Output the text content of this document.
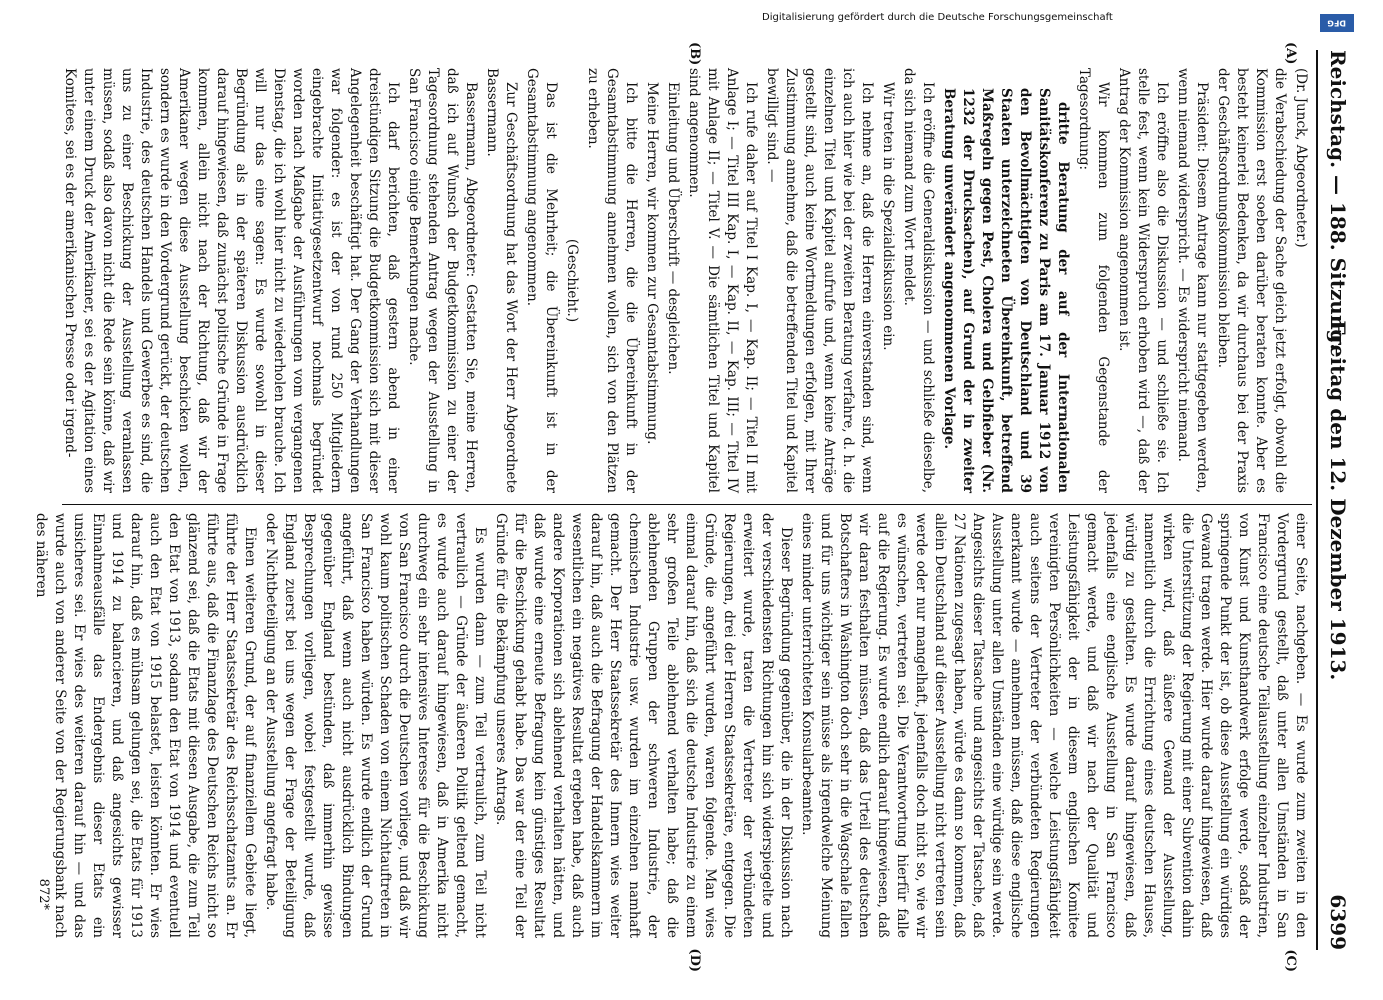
DFG
Digitalisierung gefördert durch die Deutsche Forschungsgemeinschaft
Reichstag. — 188. Sitzung.
Freitag den 12. Dezember 1913.  6399
(A)
(B)
(C)
(D)

(Dr. Junck, Abgeordneter.)

die Verabschiedung der Sache gleich jetzt erfolgt, obwohl die Kommission erst soeben darüber beraten konnte. Aber es besteht keinerlei Bedenken, da wir durchaus bei der Praxis der Geschäftsordnungskommission bleiben.

Präsident: Diesem Antrage kann nur stattgegeben werden, wenn niemand widerspricht. — Es widerspricht niemand.

Ich eröffne also die Diskussion — und schließe sie. Ich stelle fest, wenn kein Widerspruch erhoben wird —, daß der Antrag der Kommission angenommen ist.

Wir kommen zum folgenden Gegenstande der Tagesordnung:

dritte Beratung der auf der Internationalen Sanitätskonferenz zu Paris am 17. Januar 1912 von den Bevollmächtigten von Deutschland und 39 Staaten unterzeichneten Übereinkunft, betreffend Maßregeln gegen Pest, Cholera und Gelbfieber (Nr. 1232 der Drucksachen), auf Grund der in zweiter Beratung unverändert angenommenen Vorlage.

Ich eröffne die Generaldiskussion — und schließe dieselbe, da sich niemand zum Wort meldet.

Wir treten in die Spezialdiskussion ein.

Ich nehme an, daß die Herren einverstanden sind, wenn ich auch hier wie bei der zweiten Beratung verfahre, d. h. die einzelnen Titel und Kapitel aufrufe und, wenn keine Anträge gestellt sind, auch keine Wortmeldungen erfolgen, mit Ihrer Zustimmung annehme, daß die betreffenden Titel und Kapitel bewilligt sind. —

Ich rufe daher auf Titel I Kap. I, — Kap. II; — Titel II mit Anlage I; — Titel III Kap. I, — Kap. II, — Kap. III; — Titel IV mit Anlage II; — Titel V. — Die sämtlichen Titel und Kapitel sind angenommen.

Einleitung und Überschrift — desgleichen.

Meine Herren, wir kommen zur Gesamtabstimmung.

Ich bitte die Herren, die die Übereinkunft in der Gesamtabstimmung annehmen wollen, sich von den Plätzen zu erheben.

(Geschieht.)

Das ist die Mehrheit; die Übereinkunft ist in der Gesamtabstimmung angenommen.

Zur Geschäftsordnung hat das Wort der Herr Abgeordnete Bassermann.

Bassermann, Abgeordneter: Gestatten Sie, meine Herren, daß ich auf Wunsch der Budgetkommission zu einer der Tagesordnung stehenden Antrag wegen der Ausstellung in San Francisco einige Bemerkungen mache.

Ich darf berichten, daß gestern abend in einer dreistündigen Sitzung die Budgetkommission sich mit dieser Angelegenheit beschäftigt hat. Der Gang der Verhandlungen war folgender: es ist der von rund 250 Mitgliedern eingebrachte Initiativgesetzentwurf nochmals begründet worden nach Maßgabe der Ausführungen vom vergangenen Dienstag, die ich wohl hier nicht zu wiederholen brauche. Ich will nur das eine sagen: Es wurde sowohl in dieser Begründung als in der späteren Diskussion ausdrücklich darauf hingewiesen, daß zunächst politische Gründe in Frage kommen, allein nicht nach der Richtung, daß wir der Amerikaner wegen diese Ausstellung beschicken wollen, sondern es wurde in den Vordergrund gerückt, der deutschen Industrie, des deutschen Handels und Gewerbes es sind, die uns zu einer Beschickung der Ausstellung veranlassen müssen, sodaß also davon nicht die Rede sein könne, daß wir unter einem Druck der Amerikaner, sei es der Agitation eines Komitees, sei es der amerikanischen Presse oder irgend-

einer Seite, nachgeben. — Es wurde zum zweiten in den Vordergrund gestellt, daß unter allen Umständen in San Francisco eine deutsche Teilausstellung einzelner Industrien, von Kunst und Kunsthandwerk erfolge werde, sodaß der springende Punkt der ist, ob diese Ausstellung ein würdiges Gewand tragen werde. Hier wurde darauf hingewiesen, daß die Unterstützung der Regierung mit einer Subvention dahin wirken wird, daß äußere Gewand der Ausstellung, namentlich durch die Errichtung eines deutschen Hauses, würdig zu gestalten. Es wurde darauf hingewiesen, daß jedenfalls eine englische Ausstellung in San Francisco gemacht werde, und daß wir nach der Qualität und Leistungsfähigkeit der in diesem englischen Komitee vereinigten Persönlichkeiten — welche Leistungsfähigkeit auch seitens der Vertreter der verbündeten Regierungen anerkannt wurde — annehmen müssen, daß diese englische Ausstellung unter allen Umständen eine würdige sein werde. Angesichts dieser Tatsache und angesichts der Tatsache, daß 27 Nationen zugesagt haben, würde es dann so kommen, daß allein Deutschland auf dieser Ausstellung nicht vertreten sein werde oder nur mangelhaft, jedenfalls doch nicht so, wie wir es wünschen, vertreten sei. Die Verantwortung hierfür falle auf die Regierung. Es wurde endlich darauf hingewiesen, daß wir daran festhalten müssen, daß das Urteil des deutschen Botschafters in Washington doch sehr in die Wagschale fallen und für uns wichtiger sein müsse als irgendwelche Meinung eines minder unterrichteten Konsularbeamten.

Dieser Begründung gegenüber, die in der Diskussion nach der verschiedensten Richtungen hin sich widerspiegelte und erweitert wurde, traten die Vertreter der verbündeten Regierungen, drei der Herren Staatssekretäre, entgegen. Die Gründe, die angeführt wurden, waren folgende. Man wies einmal darauf hin, daß sich die deutsche Industrie zu einem sehr großen Teile ablehnend verhalten habe; daß die ablehnenden Gruppen der schweren Industrie, der chemischen Industrie usw. wurden im einzelnen namhaft gemacht. Der Herr Staatssekretär des Innern wies weiter darauf hin, daß auch die Befragung der Handelskammern im wesentlichen ein negatives Resultat ergeben habe, daß auch andere Korporationen sich ablehnend verhalten hätten, und daß wurde eine erneute Befragung kein günstiges Resultat für die Beschickung gehabt habe. Das war der eine Teil der Gründe für die Bekämpfung unseres Antrags.

Es wurden dann — zum Teil vertraulich, zum Teil nicht vertraulich — Gründe der äußeren Politik geltend gemacht, es wurde auch darauf hingewiesen, daß in Amerika nicht durchweg ein sehr intensives Interesse für die Beschickung von San Francisco durch die Deutschen vorliege, und daß wir wohl kaum politischen Schaden von einem Nichtauftreten in San Francisco haben würden. Es wurde endlich der Grund angeführt, daß wenn auch nicht ausdrücklich Bindungen gegenüber England bestünden, daß immerhin gewisse Besprechungen vorliegen, wobei festgestellt wurde, daß England zuerst bei uns wegen der Frage der Beteiligung oder Nichtbeteiligung an der Ausstellung angefragt habe.

Einen weiteren Grund, der auf finanziellem Gebiete liegt, führte der Herr Staatssekretär des Reichsschatzamts an. Er führte aus, daß die Finanzlage des Deutschen Reichs nicht so glänzend sei, daß die Etats mit diesen Ausgabe, die zum Teil den Etat von 1913, sodann den Etat von 1914 und eventuell auch den Etat von 1915 belastet, leisten könnten. Er wies darauf hin, daß es mühsam gelungen sei, die Etats für 1913 und 1914 zu balancieren, und daß angesichts gewisser Einnahmeausfälle das Endergebnis dieser Etats ein unsicheres sei. Er wies des weiteren darauf hin — und das wurde auch von anderer Seite von der Regierungsbank nach des näheren

872*
